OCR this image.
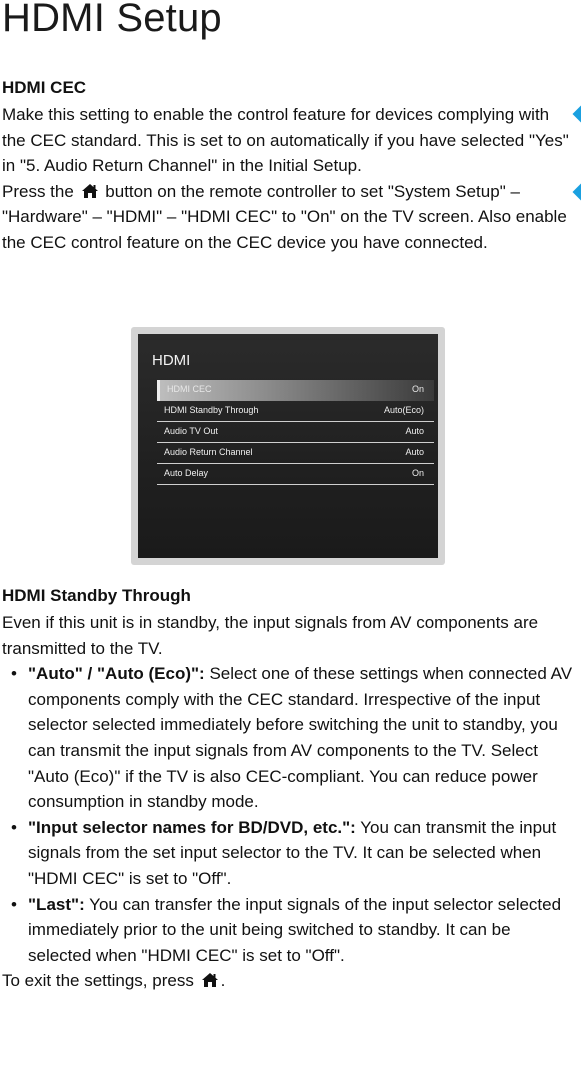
HDMI Setup

HDMI CEC

Make this setting to enable the control feature for devices complying with the CEC standard. This is set to on automatically if you have selected "Yes" in "5. Audio Return Channel" in the Initial Setup.

Press the button on the remote controller to set "System Setup" – "Hardware" – "HDMI" – "HDMI CEC" to "On" on the TV screen. Also enable the CEC control feature on the CEC device you have connected.

HDMI
HDMI CEC	On
HDMI Standby Through	Auto(Eco)
Audio TV Out	Auto
Audio Return Channel	Auto
Auto Delay	On

HDMI Standby Through

Even if this unit is in standby, the input signals from AV components are transmitted to the TV.

• "Auto" / "Auto (Eco)": Select one of these settings when connected AV components comply with the CEC standard. Irrespective of the input selector selected immediately before switching the unit to standby, you can transmit the input signals from AV components to the TV. Select "Auto (Eco)" if the TV is also CEC-compliant. You can reduce power consumption in standby mode.
• "Input selector names for BD/DVD, etc.": You can transmit the input signals from the set input selector to the TV. It can be selected when "HDMI CEC" is set to "Off".
• "Last": You can transfer the input signals of the input selector selected immediately prior to the unit being switched to standby. It can be selected when "HDMI CEC" is set to "Off".

To exit the settings, press .
